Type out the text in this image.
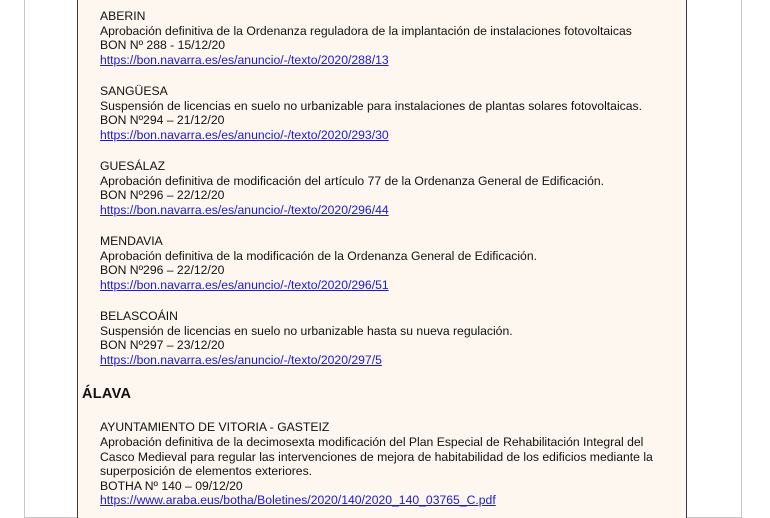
ABERIN
Aprobación definitiva de la Ordenanza reguladora de la implantación de instalaciones fotovoltaicas
BON Nº 288 - 15/12/20
https://bon.navarra.es/es/anuncio/-/texto/2020/288/13
SANGÜESA
Suspensión de licencias en suelo no urbanizable para instalaciones de plantas solares fotovoltaicas.
BON Nº294 – 21/12/20
https://bon.navarra.es/es/anuncio/-/texto/2020/293/30
GUESÁLAZ
Aprobación definitiva de modificación del artículo 77 de la Ordenanza General de Edificación.
BON Nº296 – 22/12/20
https://bon.navarra.es/es/anuncio/-/texto/2020/296/44
MENDAVIA
Aprobación definitiva de la modificación de la Ordenanza General de Edificación.
BON Nº296 – 22/12/20
https://bon.navarra.es/es/anuncio/-/texto/2020/296/51
BELASCOÁIN
Suspensión de licencias en suelo no urbanizable hasta su nueva regulación.
BON Nº297 – 23/12/20
https://bon.navarra.es/es/anuncio/-/texto/2020/297/5
ÁLAVA
AYUNTAMIENTO DE VITORIA - GASTEIZ
Aprobación definitiva de la decimosexta modificación del Plan Especial de Rehabilitación Integral del
Casco Medieval para regular las intervenciones de mejora de habitabilidad de los edificios mediante la
superposición de elementos exteriores.
BOTHA Nº 140 – 09/12/20
https://www.araba.eus/botha/Boletines/2020/140/2020_140_03765_C.pdf
